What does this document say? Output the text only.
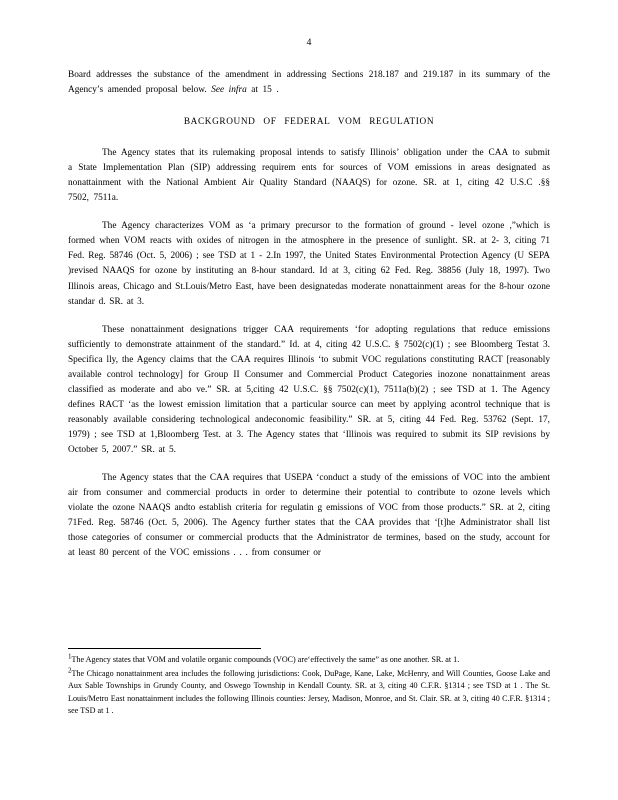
4

Board addresses the substance of the amendment in addressing Sections 218.187 and 219.187 in its summary of the Agency’s amended proposal below. See infra at 15 .

BACKGROUND OF FEDERAL VOM REGULATION

The Agency states that its rulemaking proposal intends to satisfy Illinois’ obligation under the CAA to submit a State Implementation Plan (SIP) addressing requirem ents for sources of VOM emissions in areas designated as nonattainment with the National Ambient Air Quality Standard (NAAQS) for ozone. SR. at 1, citing 42 U.S.C .§§ 7502, 7511a.

The Agency characterizes VOM as ‘a primary precursor to the formation of ground - level ozone ,”which is formed when VOM reacts with oxides of nitrogen in the atmosphere in the presence of sunlight. SR. at 2- 3, citing 71 Fed. Reg. 58746 (Oct. 5, 2006) ; see TSD at 1 - 2.In 1997, the United States Environmental Protection Agency (U SEPA )revised NAAQS for ozone by instituting an 8-hour standard. Id at 3, citing 62 Fed. Reg. 38856 (July 18, 1997). Two Illinois areas, Chicago and St.Louis/Metro East, have been designatedas moderate nonattainment areas for the 8-hour ozone standar d. SR. at 3.

These nonattainment designations trigger CAA requirements ‘for adopting regulations that reduce emissions sufficiently to demonstrate attainment of the standard.” Id. at 4, citing 42 U.S.C. § 7502(c)(1) ; see Bloomberg Testat 3. Specifica lly, the Agency claims that the CAA requires Illinois ‘to submit VOC regulations constituting RACT [reasonably available control technology] for Group II Consumer and Commercial Product Categories inozone nonattainment areas classified as moderate and abo ve.” SR. at 5,citing 42 U.S.C. §§ 7502(c)(1), 7511a(b)(2) ; see TSD at 1. The Agency defines RACT ‘as the lowest emission limitation that a particular source can meet by applying acontrol technique that is reasonably available considering technological andeconomic feasibility.” SR. at 5, citing 44 Fed. Reg. 53762 (Sept. 17, 1979) ; see TSD at 1,Bloomberg Test. at 3. The Agency states that ‘Illinois was required to submit its SIP revisions by October 5, 2007.” SR. at 5.

The Agency states that the CAA requires that USEPA ‘conduct a study of the emissions of VOC into the ambient air from consumer and commercial products in order to determine their potential to contribute to ozone levels which violate the ozone NAAQS andto establish criteria for regulatin g emissions of VOC from those products.” SR. at 2, citing 71Fed. Reg. 58746 (Oct. 5, 2006). The Agency further states that the CAA provides that ‘[t]he Administrator shall list those categories of consumer or commercial products that the Administrator de termines, based on the study, account for at least 80 percent of the VOC emissions . . . from consumer or

$^1$The Agency states that VOM and volatile organic compounds (VOC) are‘effectively the same” as one another. SR. at 1.

$^2$The Chicago nonattainment area includes the following jurisdictions: Cook, DuPage, Kane, Lake, McHenry, and Will Counties, Goose Lake and Aux Sable Townships in Grundy County, and Oswego Township in Kendall County. SR. at 3, citing 40 C.F.R. §1314 ; see TSD at 1 . The St. Louis/Metro East nonattainment includes the following Illinois counties: Jersey, Madison, Monroe, and St. Clair. SR. at 3, citing 40 C.F.R. §1314 ; see TSD at 1 .
